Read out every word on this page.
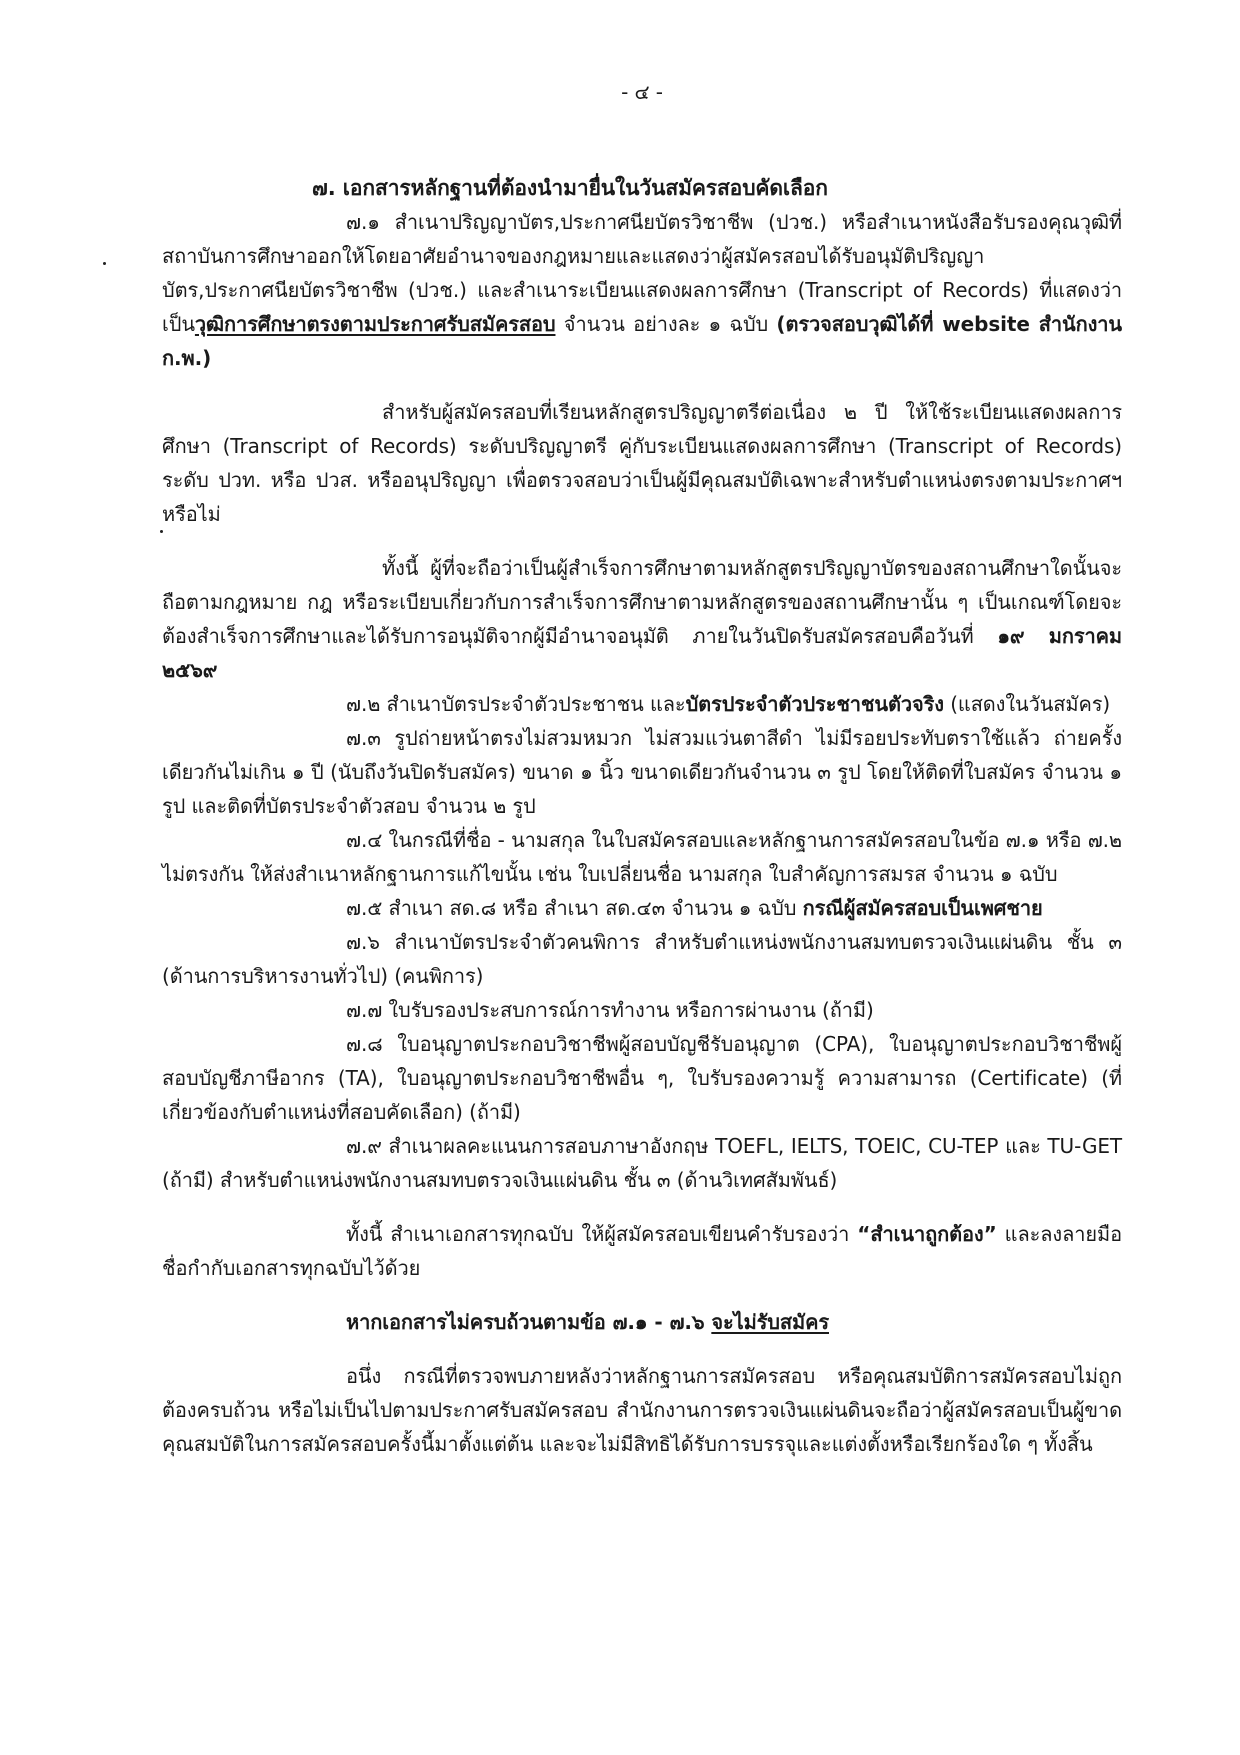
- ๔ -

๗. เอกสารหลักฐานที่ต้องนำมายื่นในวันสมัครสอบคัดเลือก

๗.๑ สำเนาปริญญาบัตร,ประกาศนียบัตรวิชาชีพ (ปวช.) หรือสำเนาหนังสือรับรองคุณวุฒิที่สถาบันการศึกษาออกให้โดยอาศัยอำนาจของกฎหมายและแสดงว่าผู้สมัครสอบได้รับอนุมัติปริญญาบัตร,ประกาศนียบัตรวิชาชีพ (ปวช.) และสำเนาระเบียนแสดงผลการศึกษา (Transcript of Records) ที่แสดงว่าเป็นวุฒิการศึกษาตรงตามประกาศรับสมัครสอบ จำนวน อย่างละ ๑ ฉบับ (ตรวจสอบวุฒิได้ที่ website สำนักงาน ก.พ.)

สำหรับผู้สมัครสอบที่เรียนหลักสูตรปริญญาตรีต่อเนื่อง ๒ ปี ให้ใช้ระเบียนแสดงผลการศึกษา (Transcript of Records) ระดับปริญญาตรี คู่กับระเบียนแสดงผลการศึกษา (Transcript of Records) ระดับ ปวท. หรือ ปวส. หรืออนุปริญญา เพื่อตรวจสอบว่าเป็นผู้มีคุณสมบัติเฉพาะสำหรับตำแหน่งตรงตามประกาศฯ หรือไม่

ทั้งนี้ ผู้ที่จะถือว่าเป็นผู้สำเร็จการศึกษาตามหลักสูตรปริญญาบัตรของสถานศึกษาใดนั้นจะถือตามกฎหมาย กฎ หรือระเบียบเกี่ยวกับการสำเร็จการศึกษาตามหลักสูตรของสถานศึกษานั้น ๆ เป็นเกณฑ์โดยจะต้องสำเร็จการศึกษาและได้รับการอนุมัติจากผู้มีอำนาจอนุมัติ ภายในวันปิดรับสมัครสอบคือวันที่ ๑๙ มกราคม ๒๕๖๙

๗.๒ สำเนาบัตรประจำตัวประชาชน และบัตรประจำตัวประชาชนตัวจริง (แสดงในวันสมัคร)

๗.๓ รูปถ่ายหน้าตรงไม่สวมหมวก ไม่สวมแว่นตาสีดำ ไม่มีรอยประทับตราใช้แล้ว ถ่ายครั้งเดียวกันไม่เกิน ๑ ปี (นับถึงวันปิดรับสมัคร) ขนาด ๑ นิ้ว ขนาดเดียวกันจำนวน ๓ รูป โดยให้ติดที่ใบสมัคร จำนวน ๑ รูป และติดที่บัตรประจำตัวสอบ จำนวน ๒ รูป

๗.๔ ในกรณีที่ชื่อ - นามสกุล ในใบสมัครสอบและหลักฐานการสมัครสอบในข้อ ๗.๑ หรือ ๗.๒ ไม่ตรงกัน ให้ส่งสำเนาหลักฐานการแก้ไขนั้น เช่น ใบเปลี่ยนชื่อ นามสกุล ใบสำคัญการสมรส จำนวน ๑ ฉบับ

๗.๕ สำเนา สด.๘ หรือ สำเนา สด.๔๓ จำนวน ๑ ฉบับ กรณีผู้สมัครสอบเป็นเพศชาย

๗.๖ สำเนาบัตรประจำตัวคนพิการ สำหรับตำแหน่งพนักงานสมทบตรวจเงินแผ่นดิน ชั้น ๓ (ด้านการบริหารงานทั่วไป) (คนพิการ)

๗.๗ ใบรับรองประสบการณ์การทำงาน หรือการผ่านงาน (ถ้ามี)

๗.๘ ใบอนุญาตประกอบวิชาชีพผู้สอบบัญชีรับอนุญาต (CPA), ใบอนุญาตประกอบวิชาชีพผู้สอบบัญชีภาษีอากร (TA), ใบอนุญาตประกอบวิชาชีพอื่น ๆ, ใบรับรองความรู้ ความสามารถ (Certificate) (ที่เกี่ยวข้องกับตำแหน่งที่สอบคัดเลือก) (ถ้ามี)

๗.๙ สำเนาผลคะแนนการสอบภาษาอังกฤษ TOEFL, IELTS, TOEIC, CU-TEP และ TU-GET (ถ้ามี) สำหรับตำแหน่งพนักงานสมทบตรวจเงินแผ่นดิน ชั้น ๓ (ด้านวิเทศสัมพันธ์)

ทั้งนี้ สำเนาเอกสารทุกฉบับ ให้ผู้สมัครสอบเขียนคำรับรองว่า “สำเนาถูกต้อง” และลงลายมือชื่อกำกับเอกสารทุกฉบับไว้ด้วย

หากเอกสารไม่ครบถ้วนตามข้อ ๗.๑ - ๗.๖ จะไม่รับสมัคร

อนึ่ง กรณีที่ตรวจพบภายหลังว่าหลักฐานการสมัครสอบ หรือคุณสมบัติการสมัครสอบไม่ถูกต้องครบถ้วน หรือไม่เป็นไปตามประกาศรับสมัครสอบ สำนักงานการตรวจเงินแผ่นดินจะถือว่าผู้สมัครสอบเป็นผู้ขาดคุณสมบัติในการสมัครสอบครั้งนี้มาตั้งแต่ต้น และจะไม่มีสิทธิได้รับการบรรจุและแต่งตั้งหรือเรียกร้องใด ๆ ทั้งสิ้น
